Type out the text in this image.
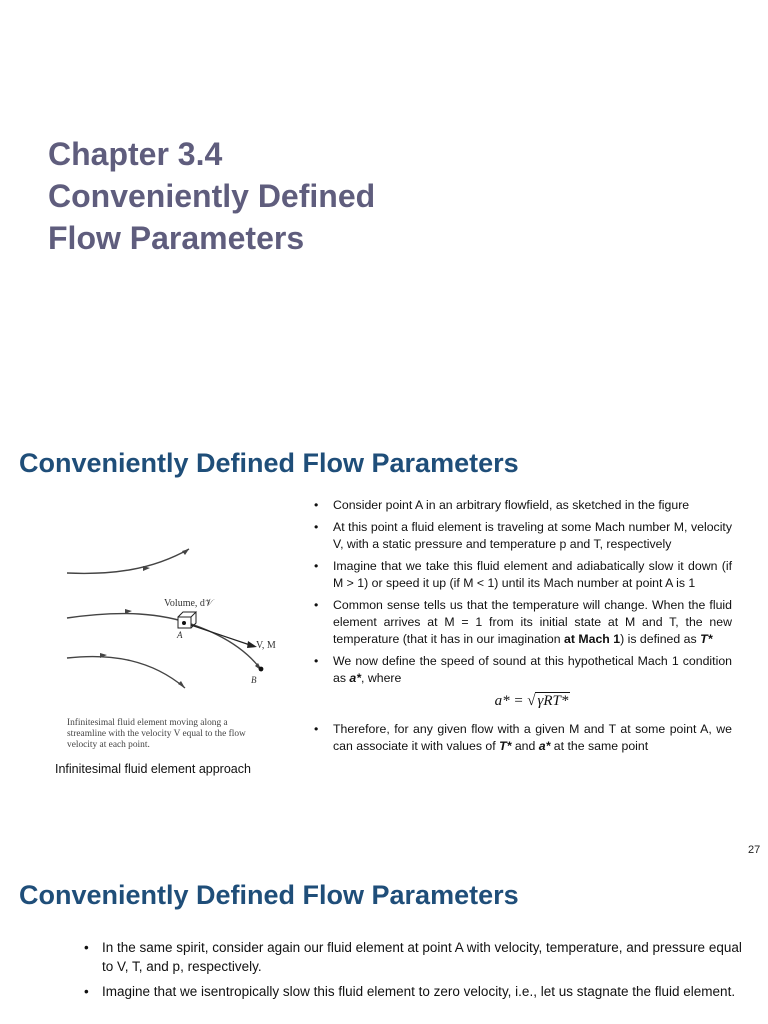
Chapter 3.4
Conveniently Defined
Flow Parameters
Conveniently Defined Flow Parameters
Volume, d𝒱
A
V, M
B

Infinitesimal fluid element moving along a streamline with the velocity V equal to the flow velocity at each point.

Infinitesimal fluid element approach
• Consider point A in an arbitrary flowfield, as sketched in the figure
• At this point a fluid element is traveling at some Mach number M, velocity V, with a static pressure and temperature p and T, respectively
• Imagine that we take this fluid element and adiabatically slow it down (if M > 1) or speed it up (if M < 1) until its Mach number at point A is 1
• Common sense tells us that the temperature will change. When the fluid element arrives at M = 1 from its initial state at M and T, the new temperature (that it has in our imagination at Mach 1) is defined as T*
• We now define the speed of sound at this hypothetical Mach 1 condition as a*, where
a* = √ γRT*
• Therefore, for any given flow with a given M and T at some point A, we can associate it with values of T* and a* at the same point
27
Conveniently Defined Flow Parameters
• In the same spirit, consider again our fluid element at point A with velocity, temperature, and pressure equal to V, T, and p, respectively.
• Imagine that we isentropically slow this fluid element to zero velocity, i.e., let us stagnate the fluid element.
